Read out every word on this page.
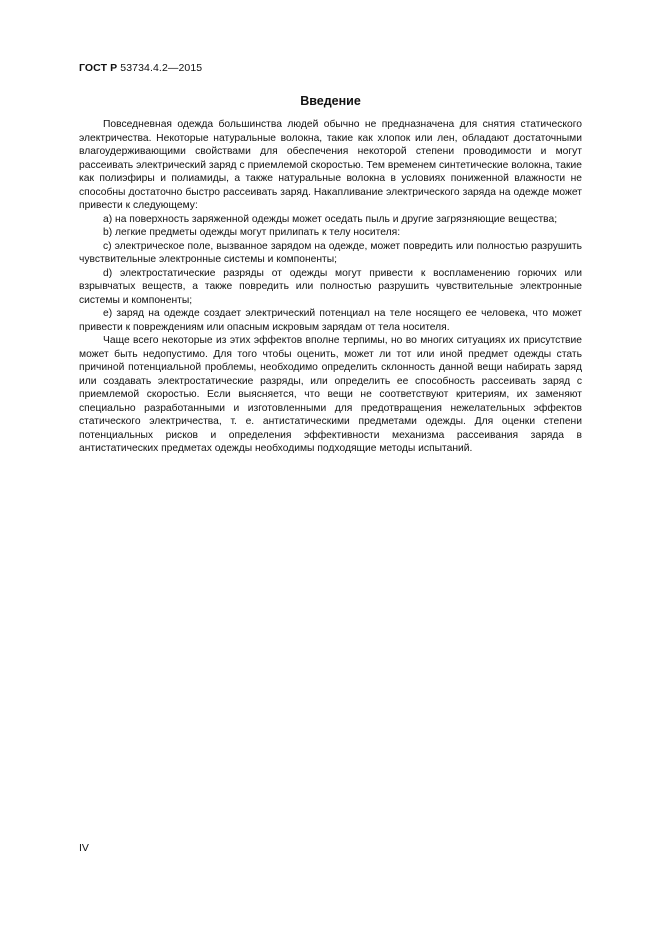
ГОСТ Р 53734.4.2—2015
Введение

Повседневная одежда большинства людей обычно не предназначена для снятия статического электричества. Некоторые натуральные волокна, такие как хлопок или лен, обладают достаточными влагоудерживающими свойствами для обеспечения некоторой степени проводимости и могут рассеивать электрический заряд с приемлемой скоростью. Тем временем синтетические волокна, такие как полиэфиры и полиамиды, а также натуральные волокна в условиях пониженной влажности не способны достаточно быстро рассеивать заряд. Накапливание электрического заряда на одежде может привести к следующему:

a) на поверхность заряженной одежды может оседать пыль и другие загрязняющие вещества;

b) легкие предметы одежды могут прилипать к телу носителя:

c) электрическое поле, вызванное зарядом на одежде, может повредить или полностью разрушить чувствительные электронные системы и компоненты;

d) электростатические разряды от одежды могут привести к воспламенению горючих или взрывчатых веществ, а также повредить или полностью разрушить чувствительные электронные системы и компоненты;

e) заряд на одежде создает электрический потенциал на теле носящего ее человека, что может привести к повреждениям или опасным искровым зарядам от тела носителя.

Чаще всего некоторые из этих эффектов вполне терпимы, но во многих ситуациях их присутствие может быть недопустимо. Для того чтобы оценить, может ли тот или иной предмет одежды стать причиной потенциальной проблемы, необходимо определить склонность данной вещи набирать заряд или создавать электростатические разряды, или определить ее способность рассеивать заряд с приемлемой скоростью. Если выясняется, что вещи не соответствуют критериям, их заменяют специально разработанными и изготовленными для предотвращения нежелательных эффектов статического электричества, т. е. антистатическими предметами одежды. Для оценки степени потенциальных рисков и определения эффективности механизма рассеивания заряда в антистатических предметах одежды необходимы подходящие методы испытаний.

IV
